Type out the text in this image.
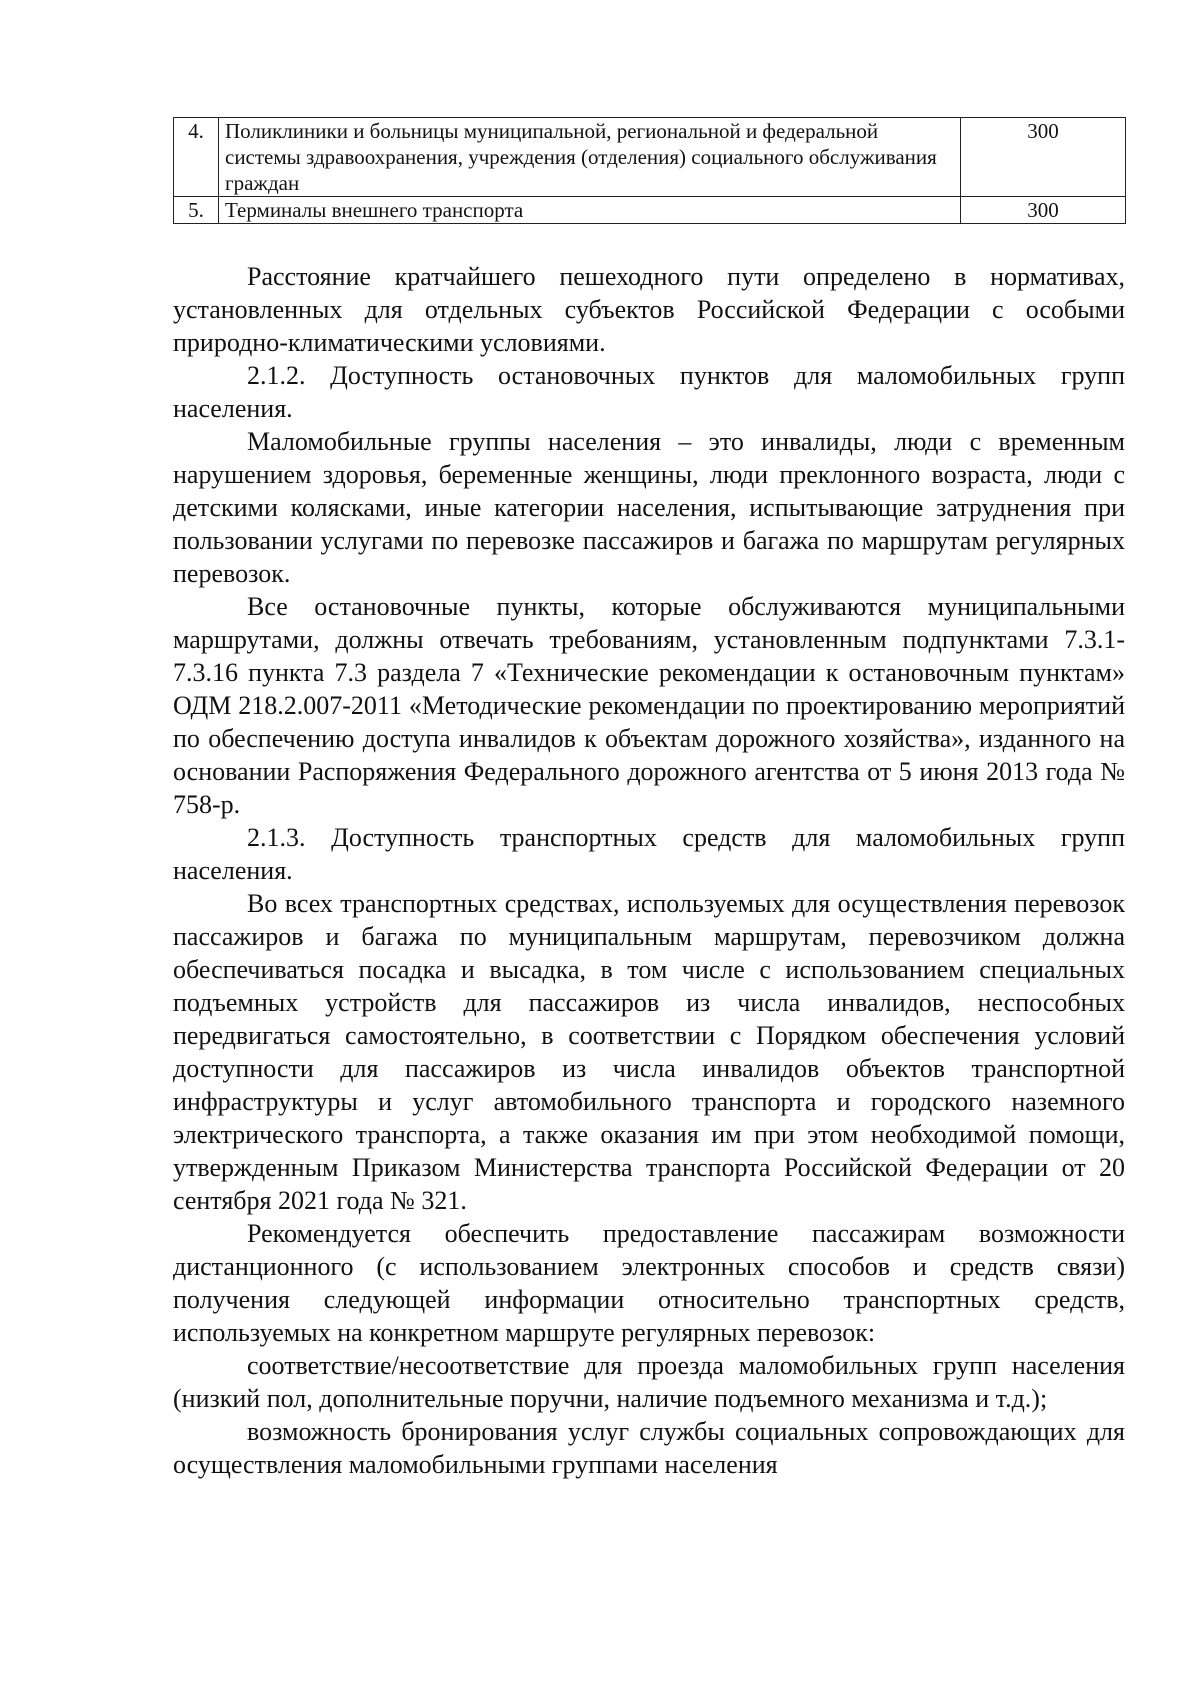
4.	Поликлиники и больницы муниципальной, региональной и федеральной системы здравоохранения, учреждения (отделения) социального обслуживания граждан	300
5.	Терминалы внешнего транспорта	300

Расстояние кратчайшего пешеходного пути определено в нормативах, установленных для отдельных субъектов Российской Федерации с особыми природно-климатическими условиями.

2.1.2. Доступность остановочных пунктов для маломобильных групп населения.

Маломобильные группы населения – это инвалиды, люди с временным нарушением здоровья, беременные женщины, люди преклонного возраста, люди с детскими колясками, иные категории населения, испытывающие затруднения при пользовании услугами по перевозке пассажиров и багажа по маршрутам регулярных перевозок.

Все остановочные пункты, которые обслуживаются муниципальными маршрутами, должны отвечать требованиям, установленным подпунктами 7.3.1-7.3.16 пункта 7.3 раздела 7 «Технические рекомендации к остановочным пунктам» ОДМ 218.2.007-2011 «Методические рекомендации по проектированию мероприятий по обеспечению доступа инвалидов к объектам дорожного хозяйства», изданного на основании Распоряжения Федерального дорожного агентства от 5 июня 2013 года № 758-р.

2.1.3. Доступность транспортных средств для маломобильных групп населения.

Во всех транспортных средствах, используемых для осуществления перевозок пассажиров и багажа по муниципальным маршрутам, перевозчиком должна обеспечиваться посадка и высадка, в том числе с использованием специальных подъемных устройств для пассажиров из числа инвалидов, неспособных передвигаться самостоятельно, в соответствии с Порядком обеспечения условий доступности для пассажиров из числа инвалидов объектов транспортной инфраструктуры и услуг автомобильного транспорта и городского наземного электрического транспорта, а также оказания им при этом необходимой помощи, утвержденным Приказом Министерства транспорта Российской Федерации от 20 сентября 2021 года № 321.

Рекомендуется обеспечить предоставление пассажирам возможности дистанционного (с использованием электронных способов и средств связи) получения следующей информации относительно транспортных средств, используемых на конкретном маршруте регулярных перевозок:

соответствие/несоответствие для проезда маломобильных групп населения (низкий пол, дополнительные поручни, наличие подъемного механизма и т.д.);

возможность бронирования услуг службы социальных сопровождающих для осуществления маломобильными группами населения
